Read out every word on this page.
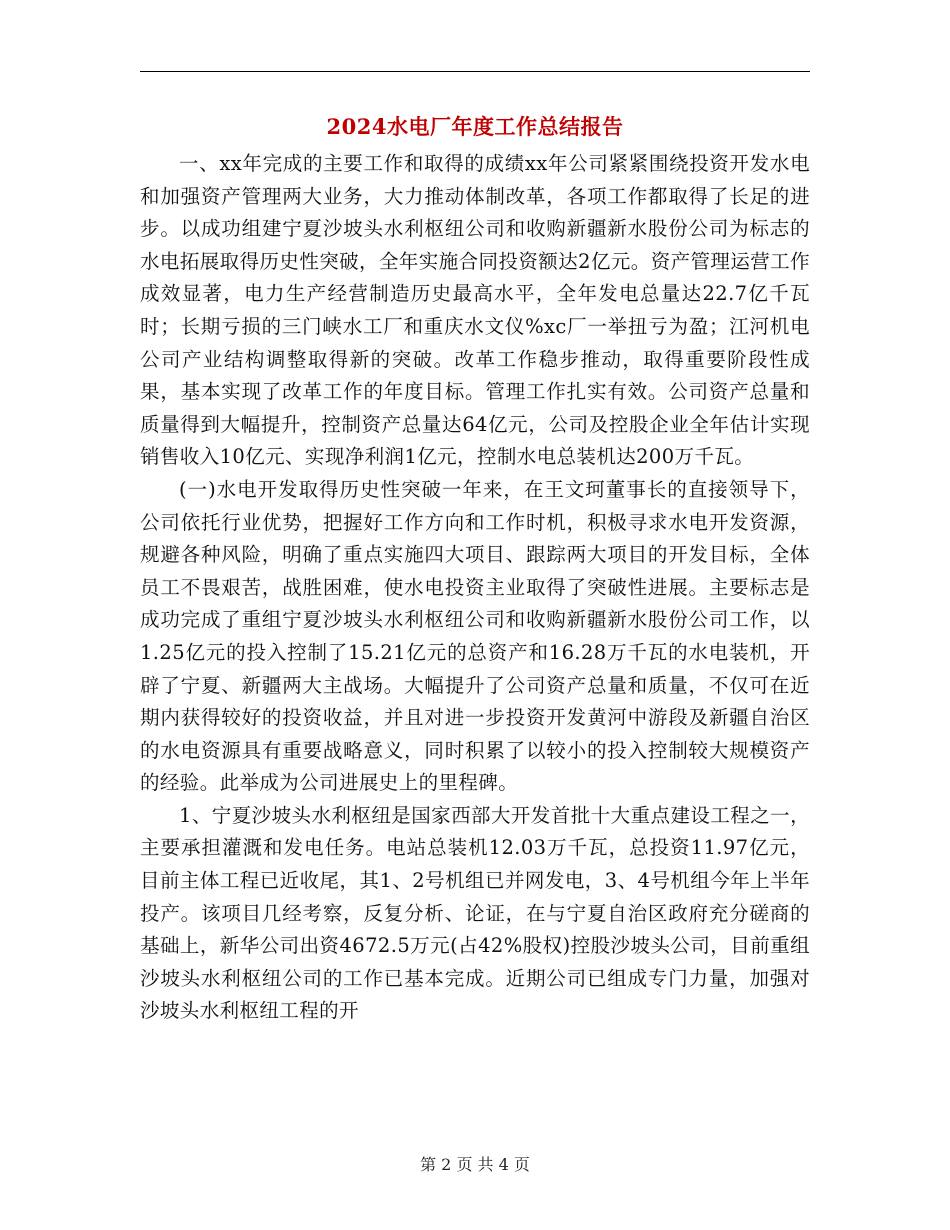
2024水电厂年度工作总结报告

一、xx年完成的主要工作和取得的成绩xx年公司紧紧围绕投资开发水电和加强资产管理两大业务，大力推动体制改革，各项工作都取得了长足的进步。以成功组建宁夏沙坡头水利枢纽公司和收购新疆新水股份公司为标志的水电拓展取得历史性突破，全年实施合同投资额达2亿元。资产管理运营工作成效显著，电力生产经营制造历史最高水平，全年发电总量达22.7亿千瓦时；长期亏损的三门峡水工厂和重庆水文仪%xc厂一举扭亏为盈；江河机电公司产业结构调整取得新的突破。改革工作稳步推动，取得重要阶段性成果，基本实现了改革工作的年度目标。管理工作扎实有效。公司资产总量和质量得到大幅提升，控制资产总量达64亿元，公司及控股企业全年估计实现销售收入10亿元、实现净利润1亿元，控制水电总装机达200万千瓦。

(一)水电开发取得历史性突破一年来，在王文珂董事长的直接领导下，公司依托行业优势，把握好工作方向和工作时机，积极寻求水电开发资源，规避各种风险，明确了重点实施四大项目、跟踪两大项目的开发目标，全体员工不畏艰苦，战胜困难，使水电投资主业取得了突破性进展。主要标志是成功完成了重组宁夏沙坡头水利枢纽公司和收购新疆新水股份公司工作，以1.25亿元的投入控制了15.21亿元的总资产和16.28万千瓦的水电装机，开辟了宁夏、新疆两大主战场。大幅提升了公司资产总量和质量，不仅可在近期内获得较好的投资收益，并且对进一步投资开发黄河中游段及新疆自治区的水电资源具有重要战略意义，同时积累了以较小的投入控制较大规模资产的经验。此举成为公司进展史上的里程碑。

1、宁夏沙坡头水利枢纽是国家西部大开发首批十大重点建设工程之一，主要承担灌溉和发电任务。电站总装机12.03万千瓦，总投资11.97亿元，目前主体工程已近收尾，其1、2号机组已并网发电，3、4号机组今年上半年投产。该项目几经考察，反复分析、论证，在与宁夏自治区政府充分磋商的基础上，新华公司出资4672.5万元(占42%股权)控股沙坡头公司，目前重组沙坡头水利枢纽公司的工作已基本完成。近期公司已组成专门力量，加强对沙坡头水利枢纽工程的开

第 2 页 共 4 页
